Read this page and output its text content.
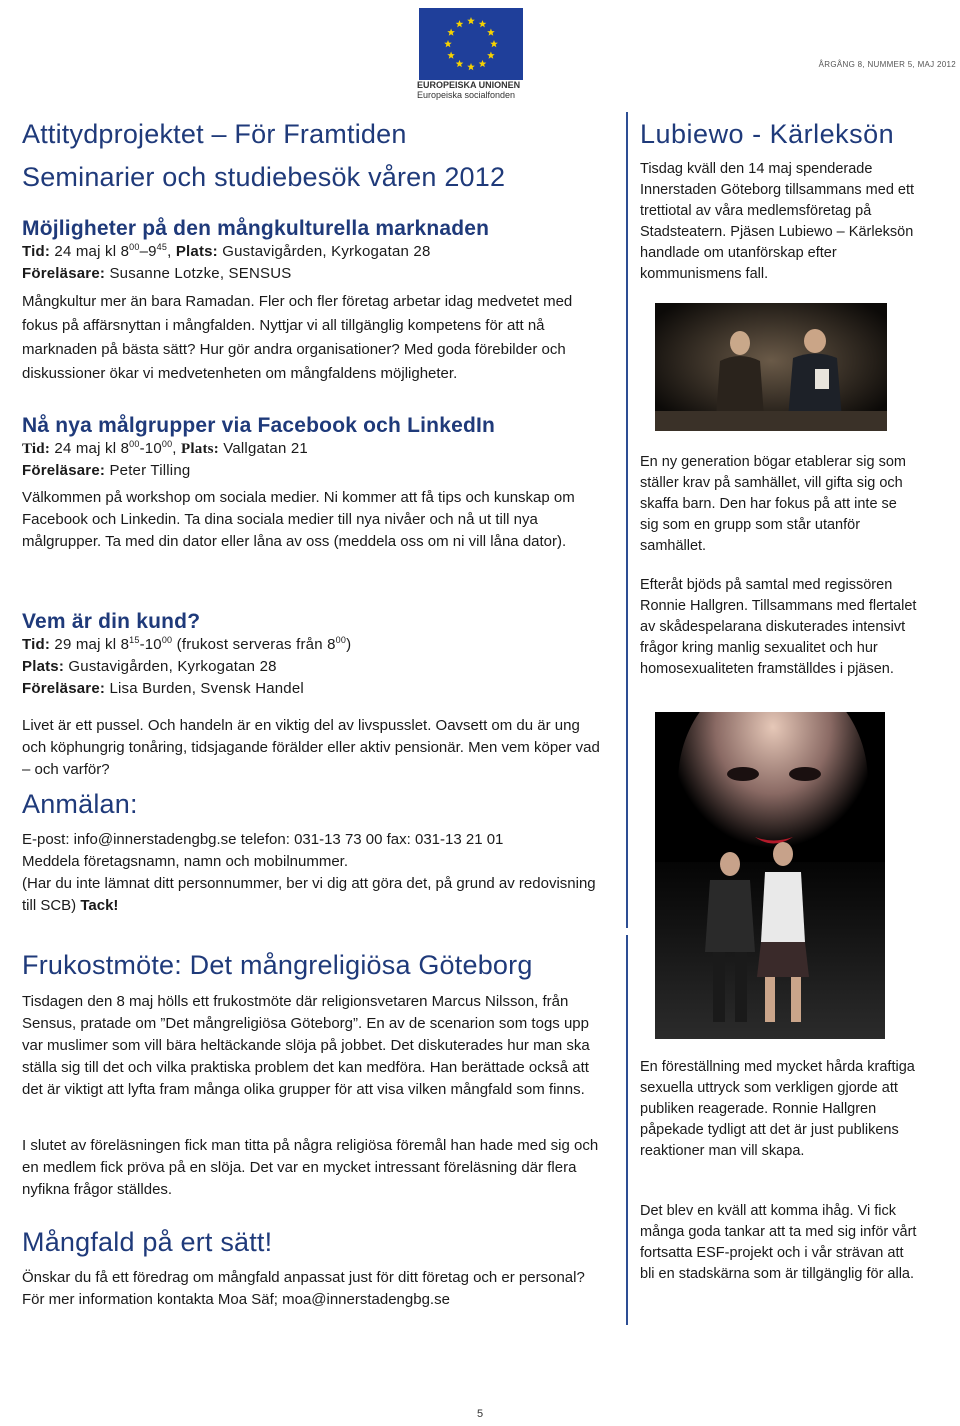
EUROPEISKA UNIONEN
Europeiska socialfonden
ÅRGÅNG 8, NUMMER 5, MAJ 2012
Attitydprojektet – För Framtiden
Seminarier och studiebesök våren 2012
Möjligheter på den mångkulturella marknaden
Tid: 24 maj kl $8^{00}-9^{45}$, Plats: Gustavigården, Kyrkogatan 28
Föreläsare: Susanne Lotzke, SENSUS
Mångkultur mer än bara Ramadan. Fler och fler företag arbetar idag medvetet med fokus på affärsnyttan i mångfalden. Nyttjar vi all tillgänglig kompetens för att nå marknaden på bästa sätt? Hur gör andra organisationer? Med goda förebilder och diskussioner ökar vi medvetenheten om mångfaldens möjligheter.
Nå nya målgrupper via Facebook och LinkedIn
Tid: 24 maj kl $8^{00}-10^{00}$, Plats: Vallgatan 21
Föreläsare: Peter Tilling
Välkommen på workshop om sociala medier. Ni kommer att få tips och kunskap om Facebook och Linkedin. Ta dina sociala medier till nya nivåer och nå ut till nya målgrupper. Ta med din dator eller låna av oss (meddela oss om ni vill låna dator).
Vem är din kund?
Tid: 29 maj kl $8^{15}-10^{00}$ (frukost serveras från $8^{00}$)
Plats: Gustavigården, Kyrkogatan 28
Föreläsare: Lisa Burden, Svensk Handel
Livet är ett pussel. Och handeln är en viktig del av livspusslet. Oavsett om du är ung och köphungrig tonåring, tidsjagande förälder eller aktiv pensionär. Men vem köper vad – och varför?
Anmälan:
E-post: info@innerstadengbg.se telefon: 031-13 73 00 fax: 031-13 21 01
Meddela företagsnamn, namn och mobilnummer.
(Har du inte lämnat ditt personnummer, ber vi dig att göra det, på grund av redovisning till SCB) Tack!
Frukostmöte: Det mångreligiösa Göteborg
Tisdagen den 8 maj hölls ett frukostmöte där religionsvetaren Marcus Nilsson, från Sensus, pratade om ”Det mångreligiösa Göteborg”. En av de scenarion som togs upp var muslimer som vill bära heltäckande slöja på jobbet. Det diskuterades hur man ska ställa sig till det och vilka praktiska problem det kan medföra. Han berättade också att det är viktigt att lyfta fram många olika grupper för att visa vilken mångfald som finns.
I slutet av föreläsningen fick man titta på några religiösa föremål han hade med sig och en medlem fick pröva på en slöja. Det var en mycket intressant föreläsning där flera nyfikna frågor ställdes.
Mångfald på ert sätt!
Önskar du få ett föredrag om mångfald anpassat just för ditt företag och er personal? För mer information kontakta Moa Säf; moa@innerstadengbg.se
Lubiewo - Kärleksön
Tisdag kväll den 14 maj spenderade Innerstaden Göteborg tillsammans med ett trettiotal av våra medlemsföretag på Stadsteatern. Pjäsen Lubiewo – Kärleksön handlade om utanförskap efter kommunismens fall.
En ny generation bögar etablerar sig som ställer krav på samhället, vill gifta sig och skaffa barn. Den har fokus på att inte se sig som en grupp som står utanför samhället.
Efteråt bjöds på samtal med regissören Ronnie Hallgren. Tillsammans med flertalet av skådespelarana diskuterades intensivt frågor kring manlig sexualitet och hur homosexualiteten framställdes i pjäsen.
En föreställning med mycket hårda kraftiga sexuella uttryck som verkligen gjorde att publiken reagerade. Ronnie Hallgren påpekade tydligt att det är just publikens reaktioner man vill skapa.
Det blev en kväll att komma ihåg. Vi fick många goda tankar att ta med sig inför vårt fortsatta ESF-projekt och i vår strävan att bli en stadskärna som är tillgänglig för alla.
5
